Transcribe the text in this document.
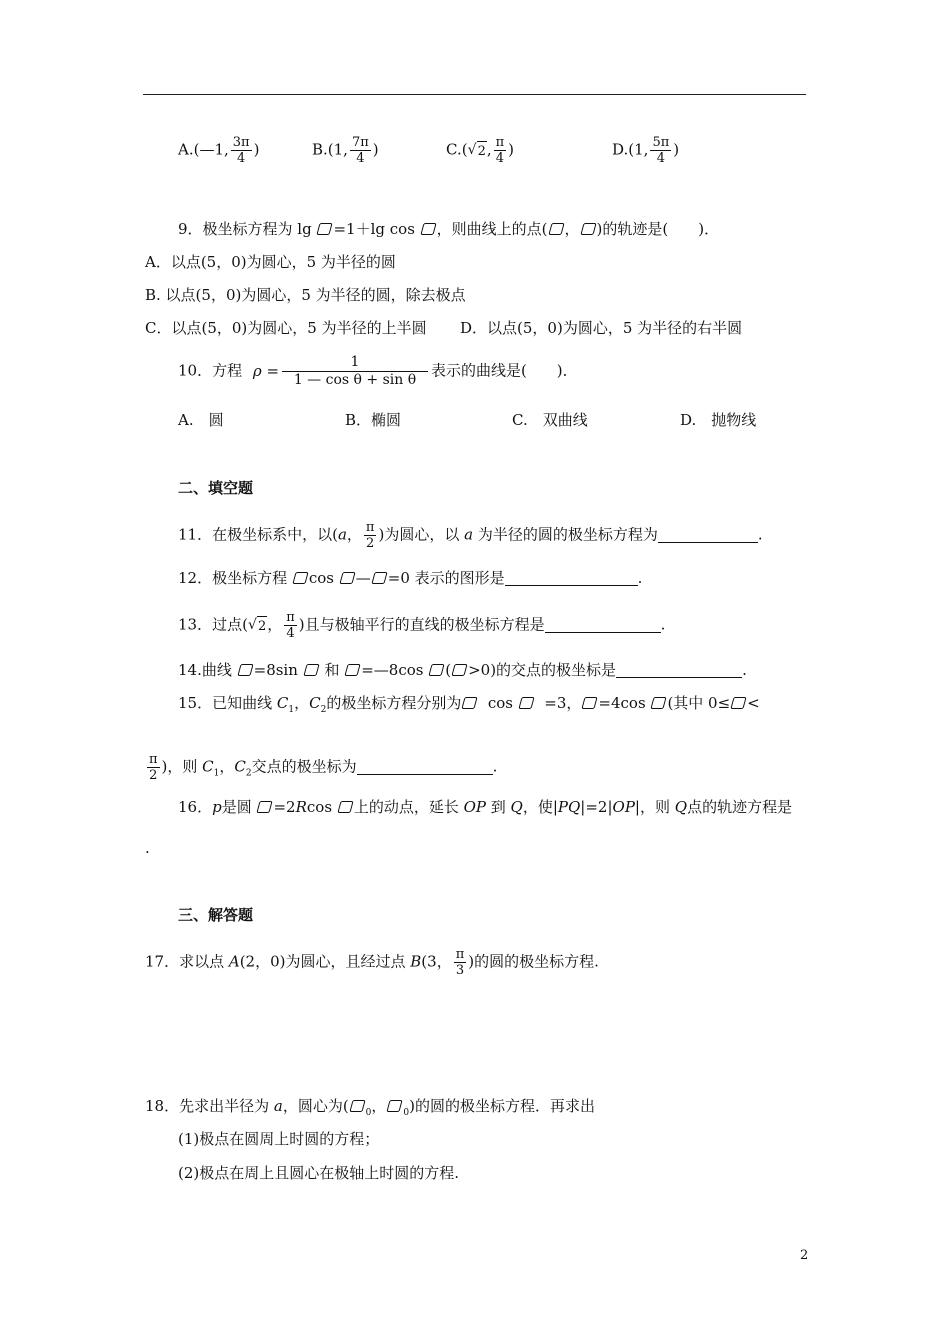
A.(—1, $\frac{3\pi}{4}$ )	B.(1, $\frac{7\pi}{4}$ )	C.( √ 2, $\frac{\pi}{4}$ )	D.(1, $\frac{5\pi}{4}$ )
9．极坐标方程为 lg =1＋lg cos ，则曲线上的点( ， )的轨迹是(　　)．
A．以点(5，0)为圆心，5 为半径的圆
B. 以点(5，0)为圆心，5 为半径的圆，除去极点
C．以点(5，0)为圆心，5 为半径的上半圆 D．以点(5，0)为圆心，5 为半径的右半圆
10．方程 $\rho = \frac{1}{\text{1 — cos θ + sin θ}}$ 表示的曲线是(　　)．
A.　圆	B．椭圆	C.　双曲线	D.　抛物线
二、填空题
11．在极坐标系中，以(a， $\frac{\pi}{2}$ )为圆心，以 a 为半径的圆的极坐标方程为	.
12．极坐标方程 cos — =0 表示的图形是	.
13．过点( √ 2， $\frac{\pi}{4}$ )且与极轴平行的直线的极坐标方程是	.
14.曲线 =8sin  和 =—8cos ( >0)的交点的极坐标是	.
15．已知曲线 $C_1$，$C_2$的极坐标方程分别为  cos   =3， =4cos (其中 0≤ <
$\frac{\pi}{2}$ )，则 $C_1$，$C_2$交点的极坐标为	.
16．p是圆 =2Rcos 上的动点，延长 OP 到 Q，使|PQ|=2|OP|，则 Q点的轨迹方程是
.
三、解答题
17．求以点 A(2，0)为圆心，且经过点 B(3， $\frac{\pi}{3}$ )的圆的极坐标方程.
18．先求出半径为 a，圆心为( $_0$， $_0$)的圆的极坐标方程．再求出
(1)极点在圆周上时圆的方程；
(2)极点在周上且圆心在极轴上时圆的方程.
2
